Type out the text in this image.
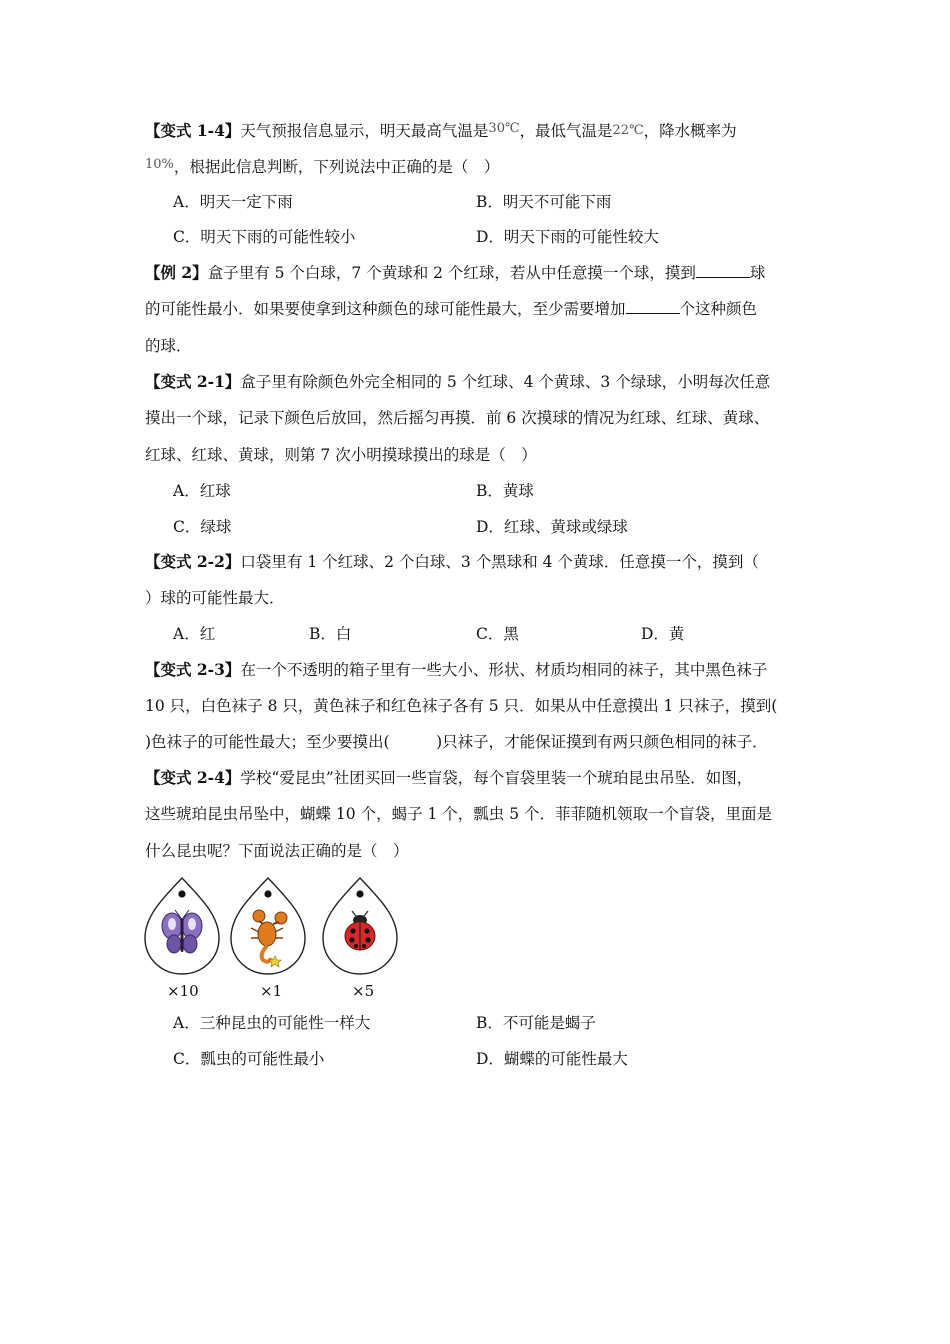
【变式 1-4】天气预报信息显示，明天最高气温是$^{30℃}$，最低气温是22℃，降水概率为
$^{10\%}$，根据此信息判断，下列说法中正确的是（　）
A．明天一定下雨	B．明天不可能下雨
C．明天下雨的可能性较小	D．明天下雨的可能性较大
【例 2】盒子里有 5 个白球，7 个黄球和 2 个红球，若从中任意摸一个球，摸到	球
的可能性最小．如果要使拿到这种颜色的球可能性最大，至少需要增加	个这种颜色
的球．
【变式 2-1】盒子里有除颜色外完全相同的 5 个红球、4 个黄球、3 个绿球，小明每次任意
摸出一个球，记录下颜色后放回，然后摇匀再摸．前 6 次摸球的情况为红球、红球、黄球、
红球、红球、黄球，则第 7 次小明摸球摸出的球是（　）
A．红球	B．黄球
C．绿球	D．红球、黄球或绿球
【变式 2-2】口袋里有 1 个红球、2 个白球、3 个黑球和 4 个黄球．任意摸一个，摸到（
）球的可能性最大．
A．红	B．白	C．黑	D．黄
【变式 2-3】在一个不透明的箱子里有一些大小、形状、材质均相同的袜子，其中黑色袜子
10 只，白色袜子 8 只，黄色袜子和红色袜子各有 5 只．如果从中任意摸出 1 只袜子，摸到(
)色袜子的可能性最大；至少要摸出(　　　)只袜子，才能保证摸到有两只颜色相同的袜子．
【变式 2-4】学校“爱昆虫”社团买回一些盲袋，每个盲袋里装一个琥珀昆虫吊坠．如图，
这些琥珀昆虫吊坠中，蝴蝶 10 个，蝎子 1 个，瓢虫 5 个．菲菲随机领取一个盲袋，里面是
什么昆虫呢？下面说法正确的是（　）
×10	×1	×5
A．三种昆虫的可能性一样大	B．不可能是蝎子
C．瓢虫的可能性最小	D．蝴蝶的可能性最大
